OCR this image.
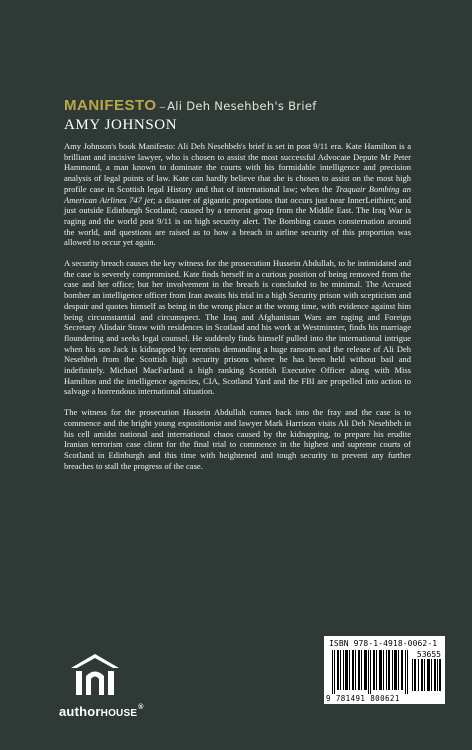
MANIFESTO – Ali Deh Nesehbeh's Brief
AMY JOHNSON

Amy Johnson's book Manifesto: Ali Deh Nesehbeh's brief is set in post 9/11 era. Kate Hamilton is a brilliant and incisive lawyer, who is chosen to assist the most successful Advocate Depute Mr Peter Hammond, a man known to dominate the courts with his formidable intelligence and precision analysis of legal points of law. Kate can hardly believe that she is chosen to assist on the most high profile case in Scottish legal History and that of international law; when the Traquair Bombing an American Airlines 747 jet; a disaster of gigantic proportions that occurs just near InnerLeithien; and just outside Edinburgh Scotland; caused by a terrorist group from the Middle East. The Iraq War is raging and the world post 9/11 is on high security alert. The Bombing causes consternation around the world, and questions are raised as to how a breach in airline security of this proportion was allowed to occur yet again.

A security breach causes the key witness for the prosecution Hussein Abdullah, to be intimidated and the case is severely compromised. Kate finds herself in a curious position of being removed from the case and her office; but her involvement in the breach is concluded to be minimal. The Accused bomber an intelligence officer from Iran awaits his trial in a high Security prison with scepticism and despair and quotes himself as being in the wrong place at the wrong time, with evidence against him being circumstantial and circumspect. The Iraq and Afghanistan Wars are raging and Foreign Secretary Alisdair Straw with residences in Scotland and his work at Westminster, finds his marriage floundering and seeks legal counsel. He suddenly finds himself pulled into the international intrigue when his son Jack is kidnapped by terrorists demanding a huge ransom and the release of Ali Deh Nesehbeh from the Scottish high security prisons where he has been held without bail and indefinitely. Michael MacFarland a high ranking Scottish Executive Officer along with Miss Hamilton and the intelligence agencies, CIA, Scotland Yard and the FBI are propelled into action to salvage a horrendous international situation.

The witness for the prosecution Hussein Abdullah comes back into the fray and the case is to commence and the bright young expositionist and lawyer Mark Harrison visits Ali Deh Nesehbeh in his cell amidst national and international chaos caused by the kidnapping, to prepare his erudite Iranian terrorism case client for the final trial to commence in the highest and supreme courts of Scotland in Edinburgh and this time with heightened and tough security to prevent any further breaches to stall the progress of the case.

authorHOUSE®
ISBN 978-1-4918-0062-1
53655
9 781491 800621
